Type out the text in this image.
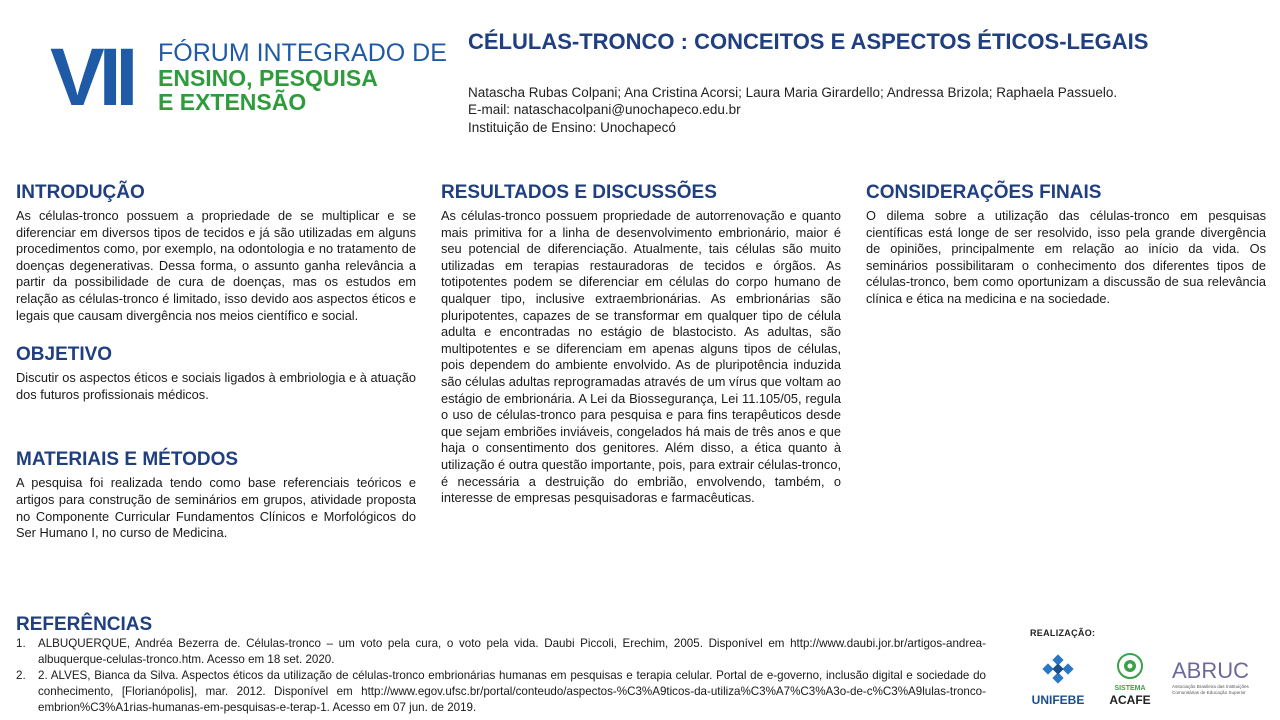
VII FÓRUM INTEGRADO DE
ENSINO, PESQUISA
E EXTENSÃO
CÉLULAS-TRONCO : CONCEITOS E ASPECTOS ÉTICOS-LEGAIS
Natascha Rubas Colpani; Ana Cristina Acorsi; Laura Maria Girardello; Andressa Brizola; Raphaela Passuelo.
E-mail: nataschacolpani@unochapeco.edu.br
Instituição de Ensino: Unochapecó
INTRODUÇÃO

As células-tronco possuem a propriedade de se multiplicar e se diferenciar em diversos tipos de tecidos e já são utilizadas em alguns procedimentos como, por exemplo, na odontologia e no tratamento de doenças degenerativas. Dessa forma, o assunto ganha relevância a partir da possibilidade de cura de doenças, mas os estudos em relação as células-tronco é limitado, isso devido aos aspectos éticos e legais que causam divergência nos meios científico e social.

OBJETIVO

Discutir os aspectos éticos e sociais ligados à embriologia e à atuação dos futuros profissionais médicos.

MATERIAIS E MÉTODOS

A pesquisa foi realizada tendo como base referenciais teóricos e artigos para construção de seminários em grupos, atividade proposta no Componente Curricular Fundamentos Clínicos e Morfológicos do Ser Humano I, no curso de Medicina.

RESULTADOS E DISCUSSÕES

As células-tronco possuem propriedade de autorrenovação e quanto mais primitiva for a linha de desenvolvimento embrionário, maior é seu potencial de diferenciação. Atualmente, tais células são muito utilizadas em terapias restauradoras de tecidos e órgãos. As totipotentes podem se diferenciar em células do corpo humano de qualquer tipo, inclusive extraembrionárias. As embrionárias são pluripotentes, capazes de se transformar em qualquer tipo de célula adulta e encontradas no estágio de blastocisto. As adultas, são multipotentes e se diferenciam em apenas alguns tipos de células, pois dependem do ambiente envolvido. As de pluripotência induzida são células adultas reprogramadas através de um vírus que voltam ao estágio de embrionária. A Lei da Biossegurança, Lei 11.105/05, regula o uso de células-tronco para pesquisa e para fins terapêuticos desde que sejam embriões inviáveis, congelados há mais de três anos e que haja o consentimento dos genitores. Além disso, a ética quanto à utilização é outra questão importante, pois, para extrair células-tronco, é necessária a destruição do embrião, envolvendo, também, o interesse de empresas pesquisadoras e farmacêuticas.

CONSIDERAÇÕES FINAIS

O dilema sobre a utilização das células-tronco em pesquisas científicas está longe de ser resolvido, isso pela grande divergência de opiniões, principalmente em relação ao início da vida. Os seminários possibilitaram o conhecimento dos diferentes tipos de células-tronco, bem como oportunizam a discussão de sua relevância clínica e ética na medicina e na sociedade.

REFERÊNCIAS
1.	ALBUQUERQUE, Andréa Bezerra de. Células-tronco – um voto pela cura, o voto pela vida. Daubi Piccoli, Erechim, 2005. Disponível em http://www.daubi.jor.br/artigos-andrea-albuquerque-celulas-tronco.htm. Acesso em 18 set. 2020.
2.	2. ALVES, Bianca da Silva. Aspectos éticos da utilização de células-tronco embrionárias humanas em pesquisas e terapia celular. Portal de e-governo, inclusão digital e sociedade do conhecimento, [Florianópolis], mar. 2012. Disponível em http://www.egov.ufsc.br/portal/conteudo/aspectos-%C3%A9ticos-da-utiliza%C3%A7%C3%A3o-de-c%C3%A9lulas-tronco-embrion%C3%A1rias-humanas-em-pesquisas-e-terap-1. Acesso em 07 jun. de 2019.
REALIZAÇÃO:
UNIFEBE
SISTEMA
ACAFE
ABRUC
Associação Brasileira das Instituições
Comunitárias de Educação Superior
